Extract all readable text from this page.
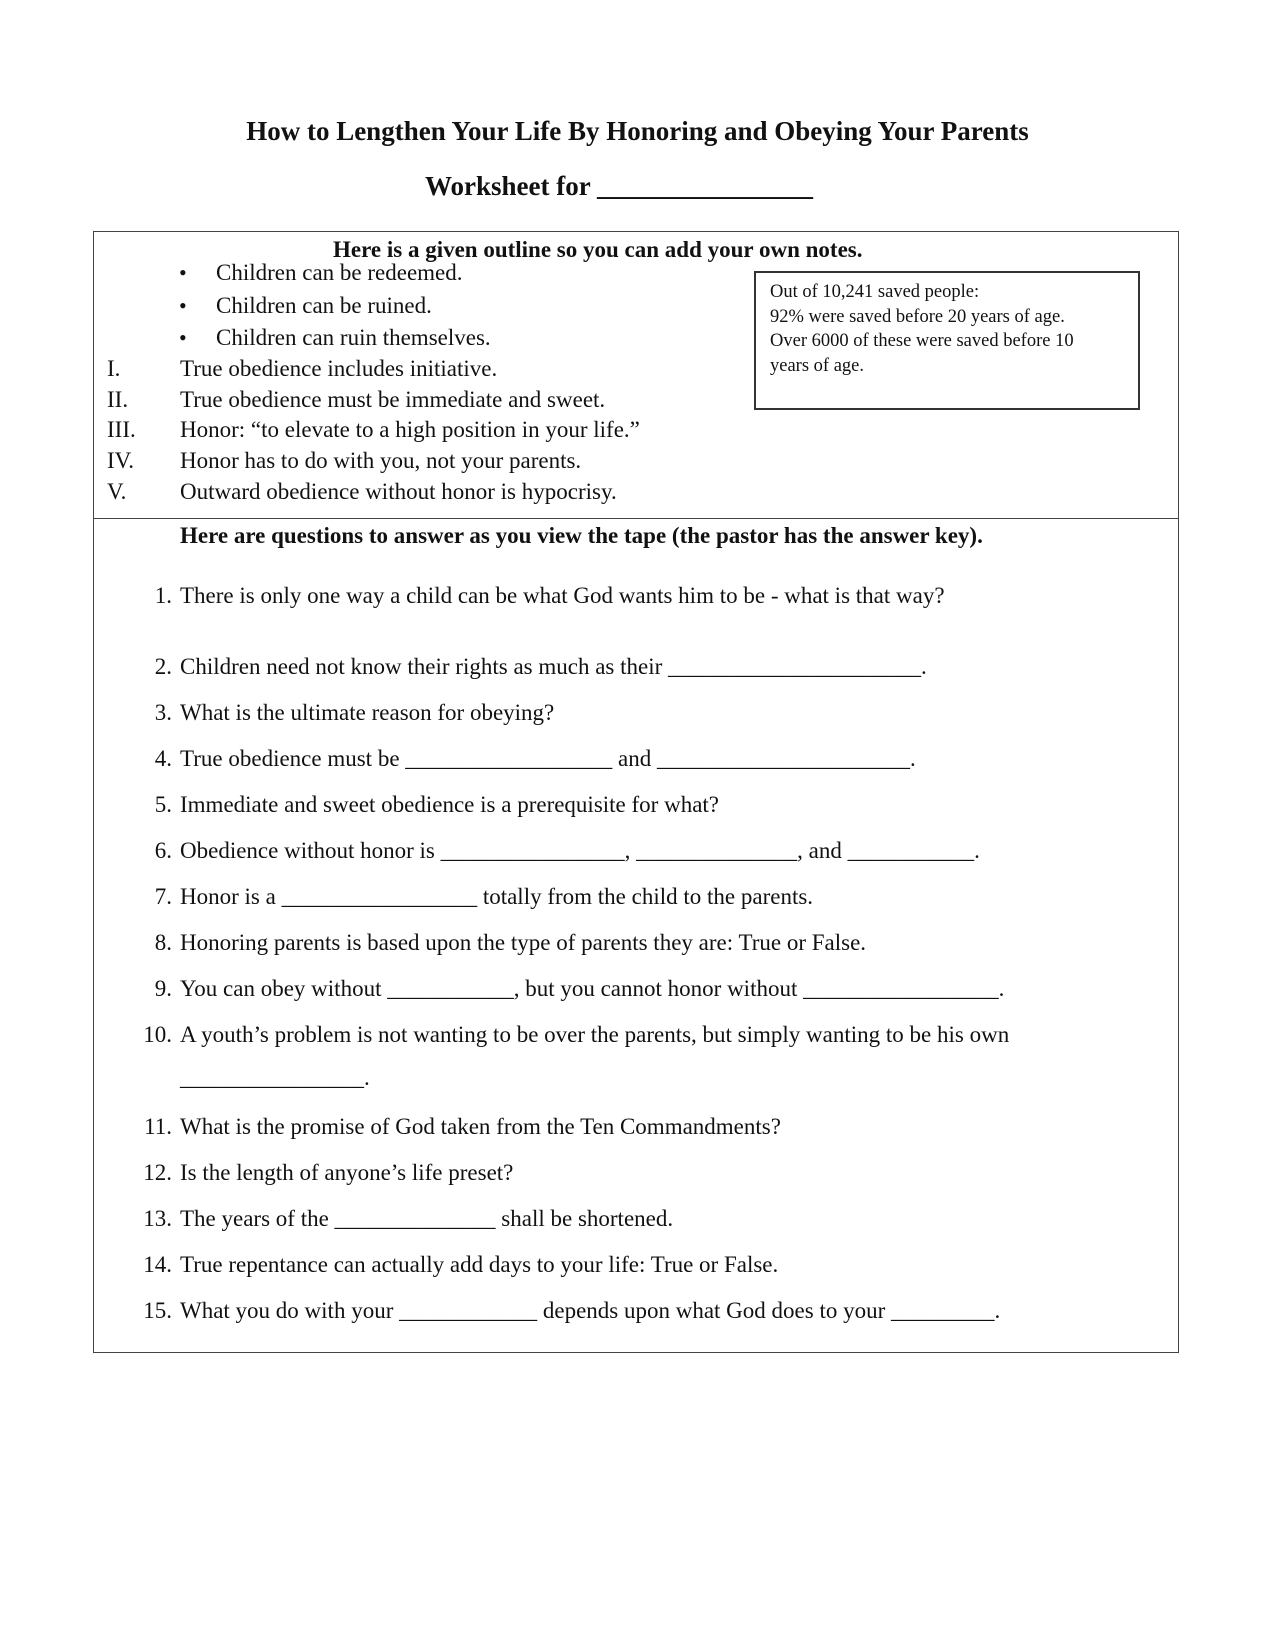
How to Lengthen Your Life By Honoring and Obeying Your Parents
Worksheet for ________________
Here is a given outline so you can add your own notes.
• Children can be redeemed.
• Children can be ruined.
• Children can ruin themselves.
I.	True obedience includes initiative.
II. True obedience must be immediate and sweet.
III. Honor: “to elevate to a high position in your life.”
IV. Honor has to do with you, not your parents.
V. Outward obedience without honor is hypocrisy.
Out of 10,241 saved people:
92% were saved before 20 years of age.
Over 6000 of these were saved before 10
years of age.
Here are questions to answer as you view the tape (the pastor has the answer key).
1. There is only one way a child can be what God wants him to be - what is that way?
2. Children need not know their rights as much as their ______________________.
3. What is the ultimate reason for obeying?
4. True obedience must be __________________ and ______________________.
5. Immediate and sweet obedience is a prerequisite for what?
6. Obedience without honor is ________________, ______________, and ___________.
7. Honor is a _________________ totally from the child to the parents.
8. Honoring parents is based upon the type of parents they are: True or False.
9. You can obey without ___________, but you cannot honor without _________________.
10. A youth’s problem is not wanting to be over the parents, but simply wanting to be his own
________________.
11. What is the promise of God taken from the Ten Commandments?
12. Is the length of anyone’s life preset?
13. The years of the ______________ shall be shortened.
14. True repentance can actually add days to your life: True or False.
15. What you do with your ____________ depends upon what God does to your _________.
